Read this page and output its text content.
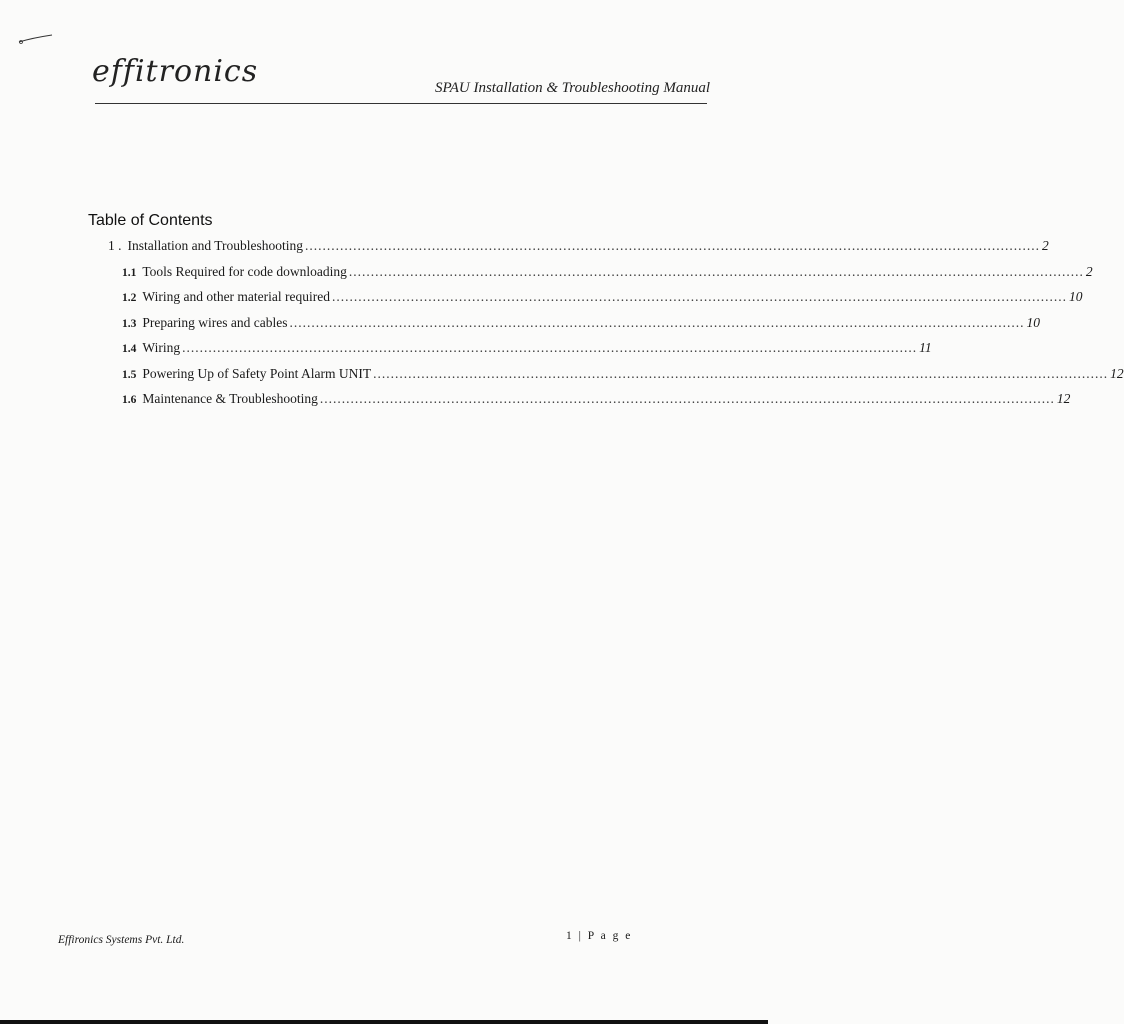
effitronics	SPAU Installation & Troubleshooting Manual
Table of Contents
1 . Installation and Troubleshooting ........................................................................................................................................................................ 2
1.1 Tools Required for code downloading ........................................................................................................................................................................ 2
1.2 Wiring and other material required ........................................................................................................................................................................ 10
1.3 Preparing wires and cables ........................................................................................................................................................................ 10
1.4 Wiring ........................................................................................................................................................................ 11
1.5 Powering Up of Safety Point Alarm UNIT ........................................................................................................................................................................ 12
1.6 Maintenance & Troubleshooting ........................................................................................................................................................................ 12
Effironics Systems Pvt. Ltd.	1 | P a g e
